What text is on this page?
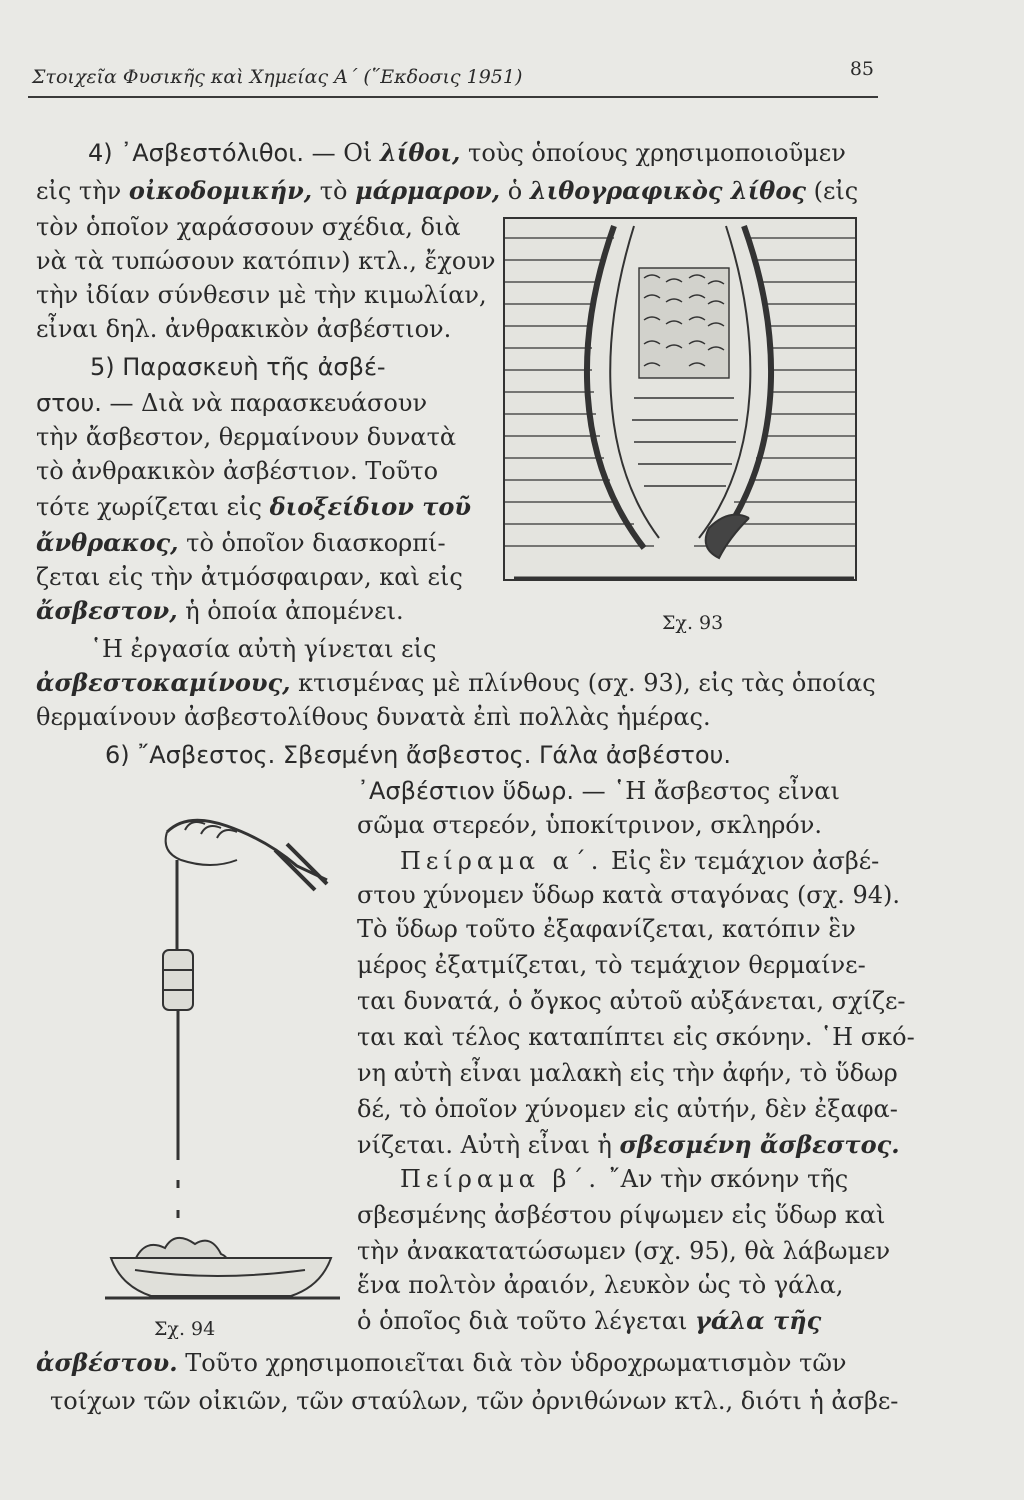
Στοιχεῖα Φυσικῆς καὶ Χημείας Α΄ (῞Εκδοσις 1951)	85
4) ᾿Ασβεστόλιθοι. — Οἱ λίθοι, τοὺς ὁποίους χρησιμοποιοῦμεν
εἰς τὴν οἰκοδομικήν, τὸ μάρμαρον, ὁ λιθογραφικὸς λίθος (εἰς
τὸν ὁποῖον χαράσσουν σχέδια, διὰ
νὰ τὰ τυπώσουν κατόπιν) κτλ., ἔχουν
τὴν ἰδίαν σύνθεσιν μὲ τὴν κιμωλίαν,
εἶναι δηλ. ἀνθρακικὸν ἀσβέστιον.
5) Παρασκευὴ τῆς ἀσβέ-
στου. — Διὰ νὰ παρασκευάσουν
τὴν ἄσβεστον, θερμαίνουν δυνατὰ
τὸ ἀνθρακικὸν ἀσβέστιον. Τοῦτο
τότε χωρίζεται εἰς διοξείδιον τοῦ
ἄνθρακος, τὸ ὁποῖον διασκορπί-
ζεται εἰς τὴν ἀτμόσφαιραν, καὶ εἰς
ἄσβεστον, ἡ ὁποία ἀπομένει.
῾Η ἐργασία αὐτὴ γίνεται εἰς
ἀσβεστοκαμίνους, κτισμένας μὲ πλίνθους (σχ. 93), εἰς τὰς ὁποίας
θερμαίνουν ἀσβεστολίθους δυνατὰ ἐπὶ πολλὰς ἡμέρας.
Σχ. 93
6) ῎Ασβεστος. Σβεσμένη ἄσβεστος. Γάλα ἀσβέστου.
᾿Ασβέστιον ὕδωρ. — ῾Η ἄσβεστος εἶναι
σῶμα στερεόν, ὑποκίτρινον, σκληρόν.
Πείραμα α΄. Εἰς ἓν τεμάχιον ἀσβέ-
στου χύνομεν ὕδωρ κατὰ σταγόνας (σχ. 94).
Τὸ ὕδωρ τοῦτο ἐξαφανίζεται, κατόπιν ἓν
μέρος ἐξατμίζεται, τὸ τεμάχιον θερμαίνε-
ται δυνατά, ὁ ὄγκος αὐτοῦ αὐξάνεται, σχίζε-
ται καὶ τέλος καταπίπτει εἰς σκόνην. ῾Η σκό-
νη αὐτὴ εἶναι μαλακὴ εἰς τὴν ἀφήν, τὸ ὕδωρ
δέ, τὸ ὁποῖον χύνομεν εἰς αὐτήν, δὲν ἐξαφα-
νίζεται. Αὐτὴ εἶναι ἡ σβεσμένη ἄσβεστος.
Πείραμα β΄. ῎Αν τὴν σκόνην τῆς
σβεσμένης ἀσβέστου ρίψωμεν εἰς ὕδωρ καὶ
τὴν ἀνακατατώσωμεν (σχ. 95), θὰ λάβωμεν
ἕνα πολτὸν ἀραιόν, λευκὸν ὡς τὸ γάλα,
ὁ ὁποῖος διὰ τοῦτο λέγεται γάλα τῆς
ἀσβέστου. Τοῦτο χρησιμοποιεῖται διὰ τὸν ὑδροχρωματισμὸν τῶν
τοίχων τῶν οἰκιῶν, τῶν σταύλων, τῶν ὀρνιθώνων κτλ., διότι ἡ ἀσβε-
Σχ. 94
